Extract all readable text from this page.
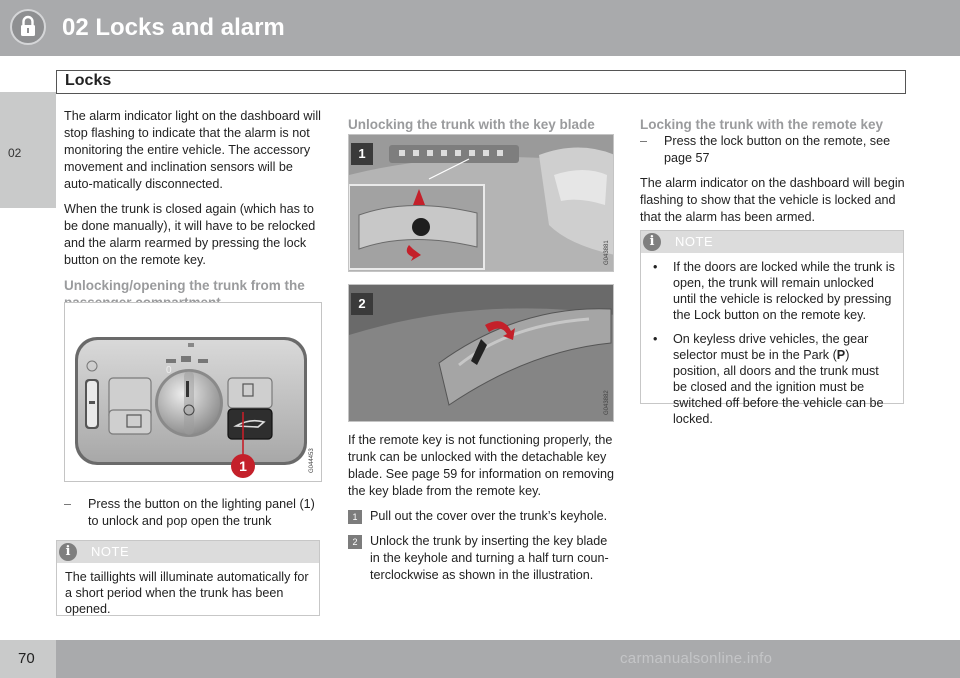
02 Locks and alarm
02
Locks

The alarm indicator light on the dashboard will stop flashing to indicate that the alarm is not monitoring the entire vehicle. The accessory movement and inclination sensors will be auto-matically disconnected.

When the trunk is closed again (which has to be done manually), it will have to be relocked and the alarm rearmed by pressing the lock button on the remote key.

Unlocking/opening the trunk from the
0
1	G044453
– Press the button on the lighting panel (1) to unlock and pop open the trunk
i	NOTE
The taillights will illuminate automatically for a short period when the trunk has been opened.
Unlocking the trunk with the key blade
1
G043881
2
G043882

If the remote key is not functioning properly, the trunk can be unlocked with the detachable key blade. See page 59 for information on removing the key blade from the remote key.

1 Pull out the cover over the trunk’s keyhole.
2 Unlock the trunk by inserting the key blade in the keyhole and turning a half turn coun-terclockwise as shown in the illustration.
Locking the trunk with the remote key
– Press the lock button on the remote, see page 57

The alarm indicator on the dashboard will begin flashing to show that the vehicle is locked and that the alarm has been armed.

i	NOTE
• If the doors are locked while the trunk is open, the trunk will remain unlocked until the vehicle is relocked by pressing the Lock button on the remote key.
• On keyless drive vehicles, the gear selector must be in the Park (P) position, all doors and the trunk must be closed and the ignition must be switched off before the vehicle can be locked.
70	carmanualsonline.info
